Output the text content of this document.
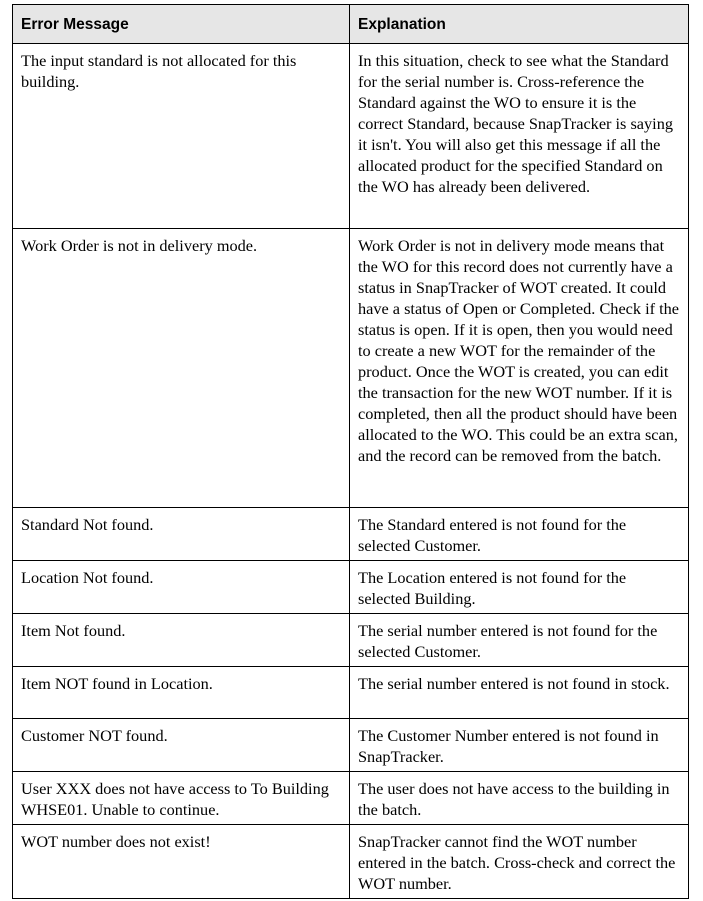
Error Message	Explanation
The input standard is not allocated for this building.	In this situation, check to see what the Standard for the serial number is. Cross-reference the Standard against the WO to ensure it is the correct Standard, because SnapTracker is saying it isn't. You will also get this message if all the allocated product for the specified Standard on the WO has already been delivered.
Work Order is not in delivery mode.	Work Order is not in delivery mode means that the WO for this record does not currently have a status in SnapTracker of WOT created. It could have a status of Open or Completed. Check if the status is open. If it is open, then you would need to create a new WOT for the remainder of the product. Once the WOT is created, you can edit the transaction for the new WOT number. If it is completed, then all the product should have been allocated to the WO. This could be an extra scan, and the record can be removed from the batch.
Standard Not found.	The Standard entered is not found for the selected Customer.
Location Not found.	The Location entered is not found for the selected Building.
Item Not found.	The serial number entered is not found for the selected Customer.
Item NOT found in Location.	The serial number entered is not found in stock.
Customer NOT found.	The Customer Number entered is not found in SnapTracker.
User XXX does not have access to To Building WHSE01. Unable to continue.	The user does not have access to the building in the batch.
WOT number does not exist!	SnapTracker cannot find the WOT number entered in the batch. Cross-check and correct the WOT number.
